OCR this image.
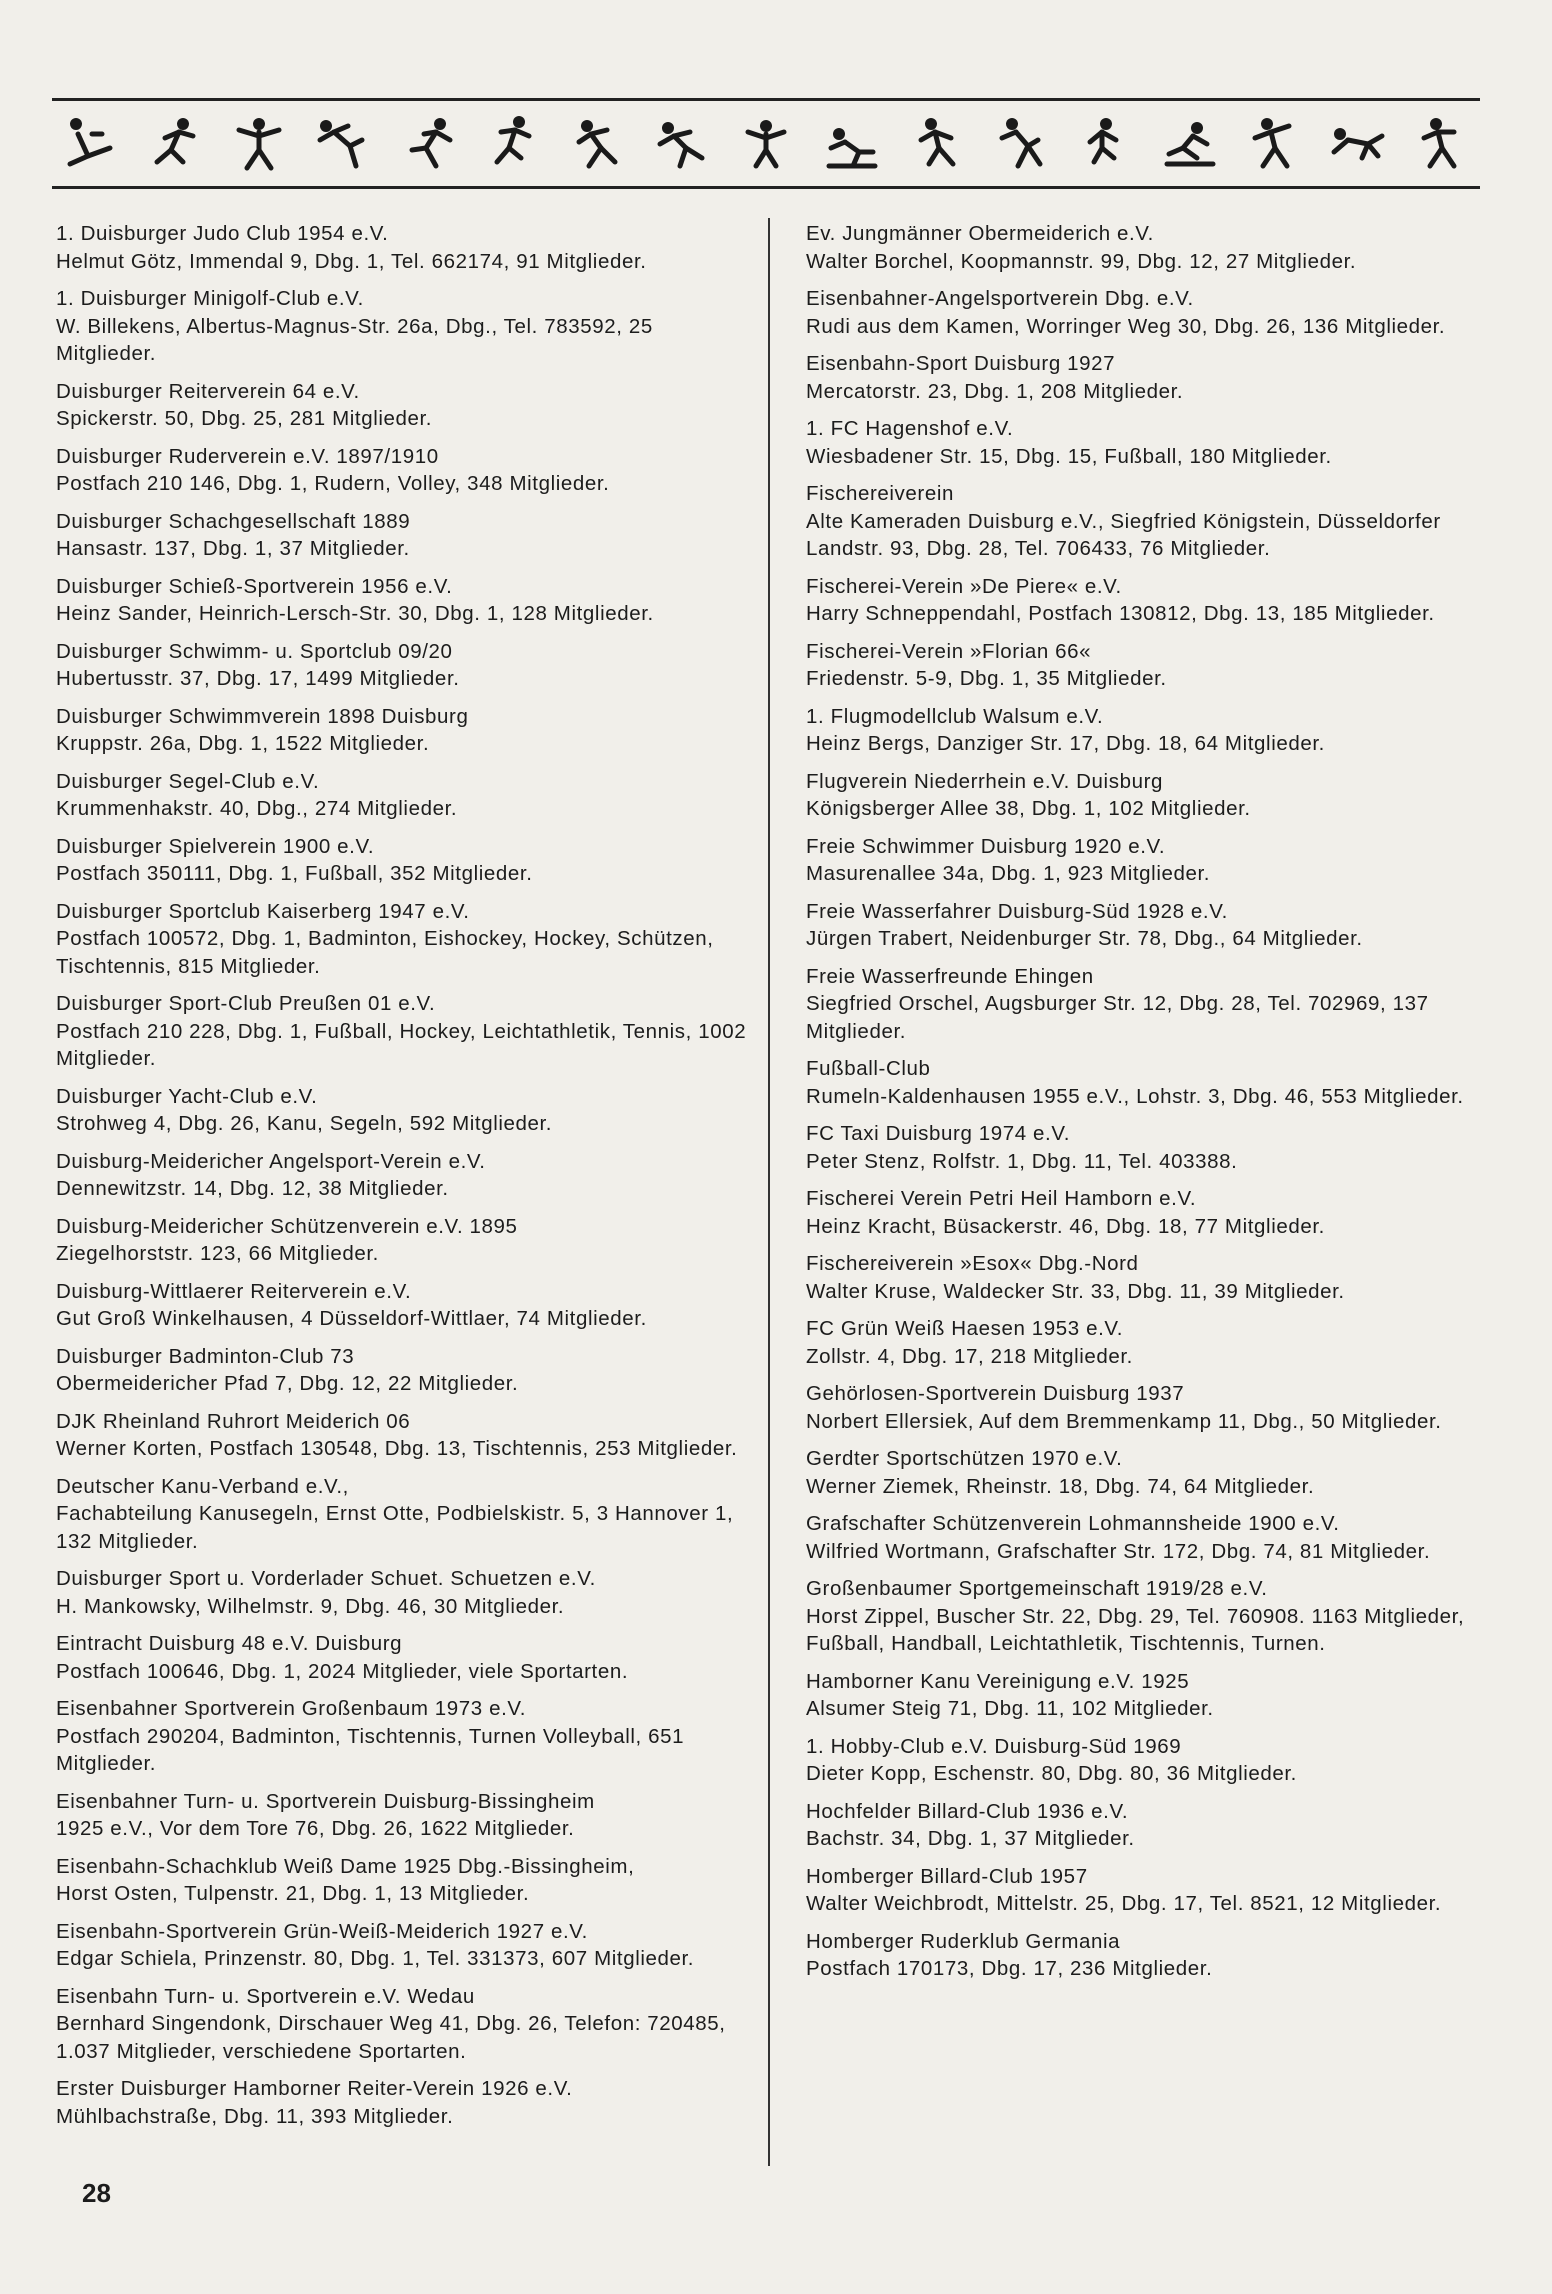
1. Duisburger Judo Club 1954 e.V.
Helmut Götz, Immendal 9, Dbg. 1, Tel. 662174, 91 Mitglieder.
1. Duisburger Minigolf-Club e.V.
W. Billekens, Albertus-Magnus-Str. 26a, Dbg., Tel. 783592, 25 Mitglieder.
Duisburger Reiterverein 64 e.V.
Spickerstr. 50, Dbg. 25, 281 Mitglieder.
Duisburger Ruderverein e.V. 1897/1910
Postfach 210 146, Dbg. 1, Rudern, Volley, 348 Mitglieder.
Duisburger Schachgesellschaft 1889
Hansastr. 137, Dbg. 1, 37 Mitglieder.
Duisburger Schieß-Sportverein 1956 e.V.
Heinz Sander, Heinrich-Lersch-Str. 30, Dbg. 1, 128 Mitglieder.
Duisburger Schwimm- u. Sportclub 09/20
Hubertusstr. 37, Dbg. 17, 1499 Mitglieder.
Duisburger Schwimmverein 1898 Duisburg
Kruppstr. 26a, Dbg. 1, 1522 Mitglieder.
Duisburger Segel-Club e.V.
Krummenhakstr. 40, Dbg., 274 Mitglieder.
Duisburger Spielverein 1900 e.V.
Postfach 350111, Dbg. 1, Fußball, 352 Mitglieder.
Duisburger Sportclub Kaiserberg 1947 e.V.
Postfach 100572, Dbg. 1, Badminton, Eishockey, Hockey, Schützen, Tischtennis, 815 Mitglieder.
Duisburger Sport-Club Preußen 01 e.V.
Postfach 210 228, Dbg. 1, Fußball, Hockey, Leichtathletik, Tennis, 1002 Mitglieder.
Duisburger Yacht-Club e.V.
Strohweg 4, Dbg. 26, Kanu, Segeln, 592 Mitglieder.
Duisburg-Meidericher Angelsport-Verein e.V.
Dennewitzstr. 14, Dbg. 12, 38 Mitglieder.
Duisburg-Meidericher Schützenverein e.V. 1895
Ziegelhorststr. 123, 66 Mitglieder.
Duisburg-Wittlaerer Reiterverein e.V.
Gut Groß Winkelhausen, 4 Düsseldorf-Wittlaer, 74 Mitglieder.
Duisburger Badminton-Club 73
Obermeidericher Pfad 7, Dbg. 12, 22 Mitglieder.
DJK Rheinland Ruhrort Meiderich 06
Werner Korten, Postfach 130548, Dbg. 13, Tischtennis, 253 Mitglieder.
Deutscher Kanu-Verband e.V.,
Fachabteilung Kanusegeln, Ernst Otte, Podbielskistr. 5, 3 Hannover 1, 132 Mitglieder.
Duisburger Sport u. Vorderlader Schuet. Schuetzen e.V.
H. Mankowsky, Wilhelmstr. 9, Dbg. 46, 30 Mitglieder.
Eintracht Duisburg 48 e.V. Duisburg
Postfach 100646, Dbg. 1, 2024 Mitglieder, viele Sportarten.
Eisenbahner Sportverein Großenbaum 1973 e.V.
Postfach 290204, Badminton, Tischtennis, Turnen Volleyball, 651 Mitglieder.
Eisenbahner Turn- u. Sportverein Duisburg-Bissingheim
1925 e.V., Vor dem Tore 76, Dbg. 26, 1622 Mitglieder.
Eisenbahn-Schachklub Weiß Dame 1925 Dbg.-Bissingheim,
Horst Osten, Tulpenstr. 21, Dbg. 1, 13 Mitglieder.
Eisenbahn-Sportverein Grün-Weiß-Meiderich 1927 e.V.
Edgar Schiela, Prinzenstr. 80, Dbg. 1, Tel. 331373, 607 Mitglieder.
Eisenbahn Turn- u. Sportverein e.V. Wedau
Bernhard Singendonk, Dirschauer Weg 41, Dbg. 26, Telefon: 720485, 1.037 Mitglieder, verschiedene Sportarten.
Erster Duisburger Hamborner Reiter-Verein 1926 e.V.
Mühlbachstraße, Dbg. 11, 393 Mitglieder.
Ev. Jungmänner Obermeiderich e.V.
Walter Borchel, Koopmannstr. 99, Dbg. 12, 27 Mitglieder.
Eisenbahner-Angelsportverein Dbg. e.V.
Rudi aus dem Kamen, Worringer Weg 30, Dbg. 26, 136 Mitglieder.
Eisenbahn-Sport Duisburg 1927
Mercatorstr. 23, Dbg. 1, 208 Mitglieder.
1. FC Hagenshof e.V.
Wiesbadener Str. 15, Dbg. 15, Fußball, 180 Mitglieder.
Fischereiverein
Alte Kameraden Duisburg e.V., Siegfried Königstein, Düsseldorfer Landstr. 93, Dbg. 28, Tel. 706433, 76 Mitglieder.
Fischerei-Verein »De Piere« e.V.
Harry Schneppendahl, Postfach 130812, Dbg. 13, 185 Mitglieder.
Fischerei-Verein »Florian 66«
Friedenstr. 5-9, Dbg. 1, 35 Mitglieder.
1. Flugmodellclub Walsum e.V.
Heinz Bergs, Danziger Str. 17, Dbg. 18, 64 Mitglieder.
Flugverein Niederrhein e.V. Duisburg
Königsberger Allee 38, Dbg. 1, 102 Mitglieder.
Freie Schwimmer Duisburg 1920 e.V.
Masurenallee 34a, Dbg. 1, 923 Mitglieder.
Freie Wasserfahrer Duisburg-Süd 1928 e.V.
Jürgen Trabert, Neidenburger Str. 78, Dbg., 64 Mitglieder.
Freie Wasserfreunde Ehingen
Siegfried Orschel, Augsburger Str. 12, Dbg. 28, Tel. 702969, 137 Mitglieder.
Fußball-Club
Rumeln-Kaldenhausen 1955 e.V., Lohstr. 3, Dbg. 46, 553 Mitglieder.
FC Taxi Duisburg 1974 e.V.
Peter Stenz, Rolfstr. 1, Dbg. 11, Tel. 403388.
Fischerei Verein Petri Heil Hamborn e.V.
Heinz Kracht, Büsackerstr. 46, Dbg. 18, 77 Mitglieder.
Fischereiverein »Esox« Dbg.-Nord
Walter Kruse, Waldecker Str. 33, Dbg. 11, 39 Mitglieder.
FC Grün Weiß Haesen 1953 e.V.
Zollstr. 4, Dbg. 17, 218 Mitglieder.
Gehörlosen-Sportverein Duisburg 1937
Norbert Ellersiek, Auf dem Bremmenkamp 11, Dbg., 50 Mitglieder.
Gerdter Sportschützen 1970 e.V.
Werner Ziemek, Rheinstr. 18, Dbg. 74, 64 Mitglieder.
Grafschafter Schützenverein Lohmannsheide 1900 e.V.
Wilfried Wortmann, Grafschafter Str. 172, Dbg. 74, 81 Mitglieder.
Großenbaumer Sportgemeinschaft 1919/28 e.V.
Horst Zippel, Buscher Str. 22, Dbg. 29, Tel. 760908. 1163 Mitglieder, Fußball, Handball, Leichtathletik, Tischtennis, Turnen.
Hamborner Kanu Vereinigung e.V. 1925
Alsumer Steig 71, Dbg. 11, 102 Mitglieder.
1. Hobby-Club e.V. Duisburg-Süd 1969
Dieter Kopp, Eschenstr. 80, Dbg. 80, 36 Mitglieder.
Hochfelder Billard-Club 1936 e.V.
Bachstr. 34, Dbg. 1, 37 Mitglieder.
Homberger Billard-Club 1957
Walter Weichbrodt, Mittelstr. 25, Dbg. 17, Tel. 8521, 12 Mitglieder.
Homberger Ruderklub Germania
Postfach 170173, Dbg. 17, 236 Mitglieder.
28
